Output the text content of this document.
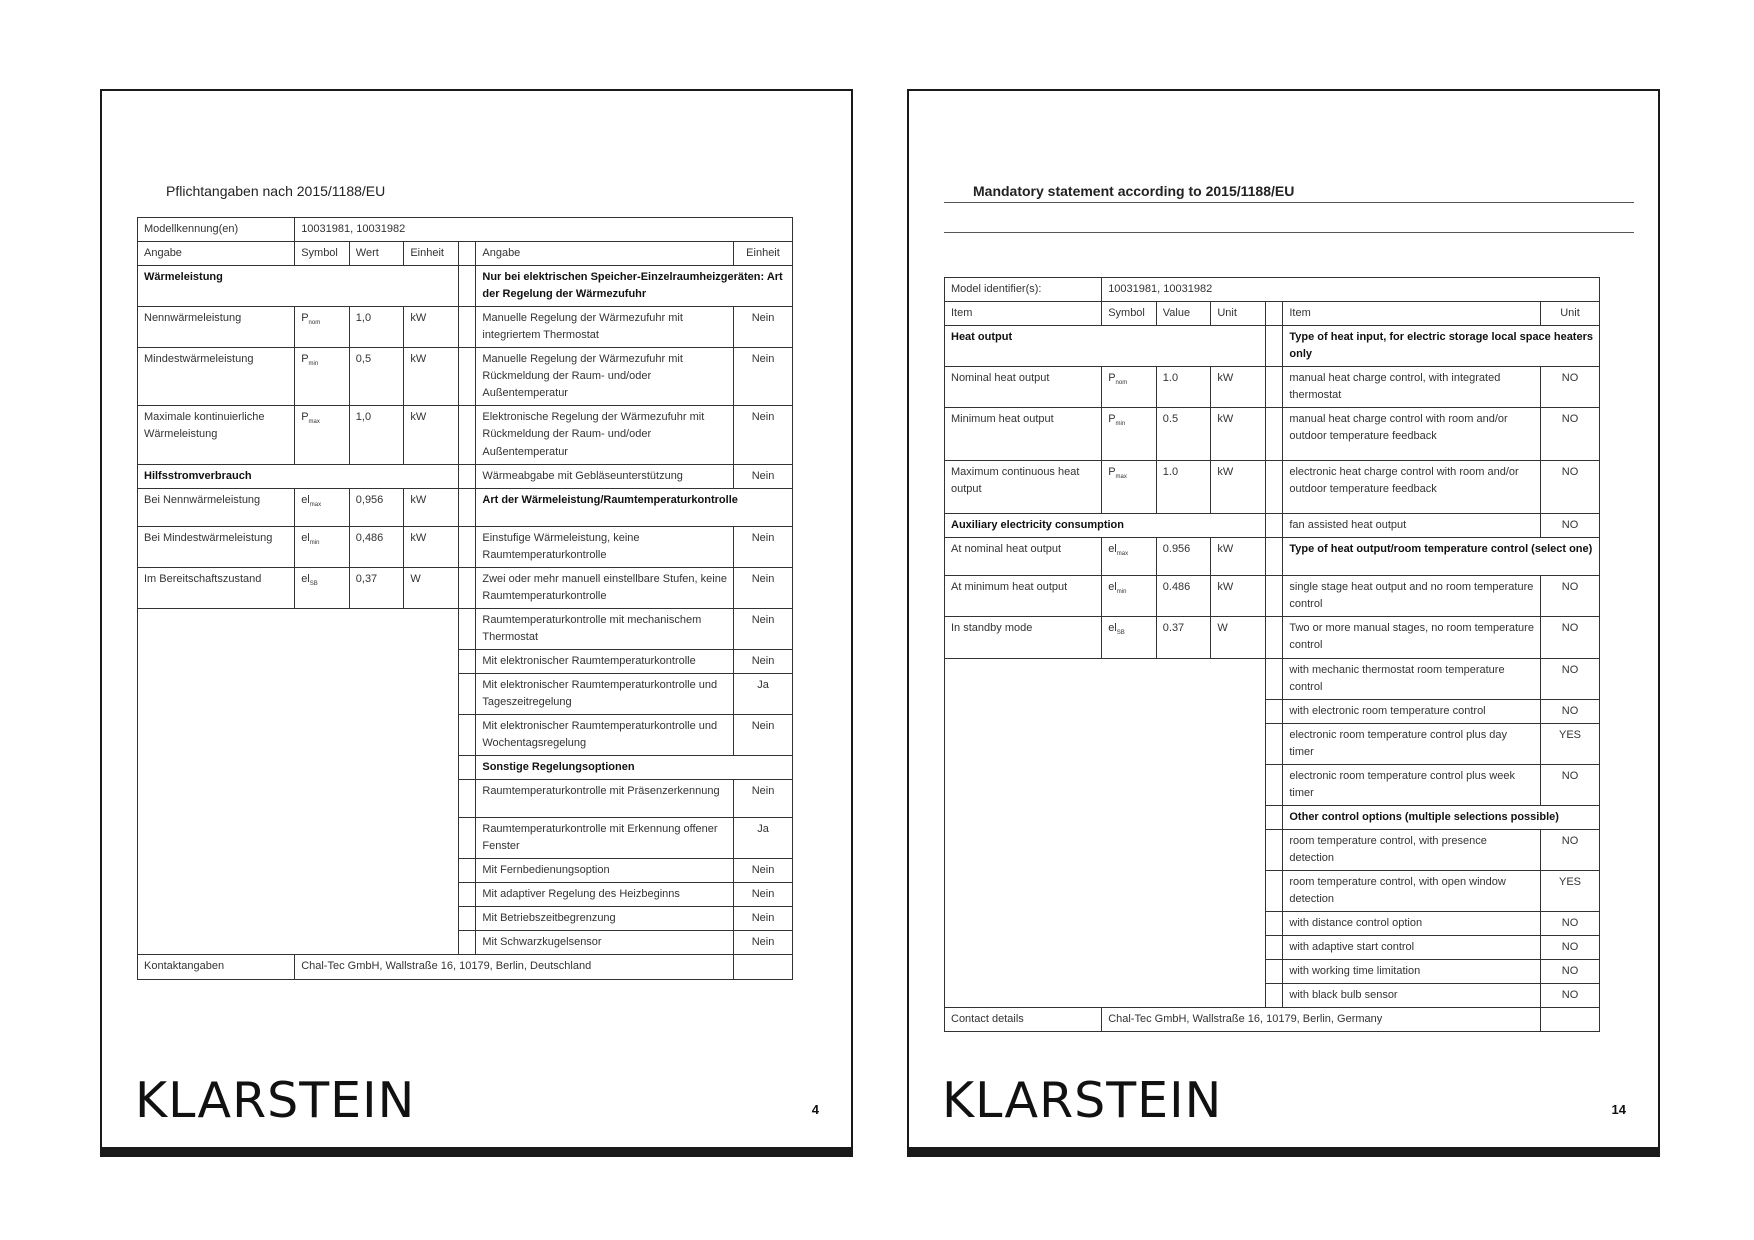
Pflichtangaben nach 2015/1188/EU
Modellkennung(en)	10031981, 10031982					
Angabe	Symbol	Wert	Einheit		Angabe	Einheit
Wärmeleistung					Nur bei elektrischen Speicher-Einzelraumheizgeräten: Art der Regelung der Wärmezufuhr	
Nennwärmeleistung	$P_{nom}$	1,0	kW		Manuelle Regelung der Wärmezufuhr mit integriertem Thermostat	Nein
Mindestwärmeleistung	$P_{min}$	0,5	kW		Manuelle Regelung der Wärmezufuhr mit Rückmeldung der Raum- und/oder Außentemperatur	Nein
Maximale kontinuierliche Wärmeleistung	$P_{max}$	1,0	kW		Elektronische Regelung der Wärmezufuhr mit Rückmeldung der Raum- und/oder Außentemperatur	Nein
Hilfsstromverbrauch					Wärmeabgabe mit Gebläseunterstützung	Nein
Bei Nennwärmeleistung	$el_{max}$	0,956	kW		Art der Wärmeleistung/Raumtemperaturkontrolle	
Bei Mindestwärmeleistung	$el_{min}$	0,486	kW		Einstufige Wärmeleistung, keine Raumtemperaturkontrolle	Nein
Im Bereitschaftszustand	$el_{SB}$	0,37	W		Zwei oder mehr manuell einstellbare Stufen, keine Raumtemperaturkontrolle	Nein
					Raumtemperaturkontrolle mit mechanischem Thermostat	Nein
					Mit elektronischer Raumtemperaturkontrolle	Nein
					Mit elektronischer Raumtemperaturkontrolle und Tageszeitregelung	Ja
					Mit elektronischer Raumtemperaturkontrolle und Wochentagsregelung	Nein
					Sonstige Regelungsoptionen	
					Raumtemperaturkontrolle mit Präsenzerkennung	Nein
					Raumtemperaturkontrolle mit Erkennung offener Fenster	Ja
					Mit Fernbedienungsoption	Nein
					Mit adaptiver Regelung des Heizbeginns	Nein
					Mit Betriebszeitbegrenzung	Nein
					Mit Schwarzkugelsensor	Nein
Kontaktangaben	Chal-Tec GmbH, Wallstraße 16, 10179, Berlin, Deutschland					
KLARSTEIN	4
Mandatory statement according to 2015/1188/EU
Model identifier(s):	10031981, 10031982					
Item	Symbol	Value	Unit		Item	Unit
Heat output					Type of heat input, for electric storage local space heaters only	
Nominal heat output	$P_{nom}$	1.0	kW		manual heat charge control, with integrated thermostat	NO
Minimum heat output	$P_{min}$	0.5	kW		manual heat charge control with room and/or outdoor temperature feedback	NO
Maximum continuous heat output	$P_{max}$	1.0	kW		electronic heat charge control with room and/or outdoor temperature feedback	NO
Auxiliary electricity consumption					fan assisted heat output	NO
At nominal heat output	$el_{max}$	0.956	kW		Type of heat output/room temperature control (select one)	
At minimum heat output	$el_{min}$	0.486	kW		single stage heat output and no room temperature control	NO
In standby mode	$el_{SB}$	0.37	W		Two or more manual stages, no room temperature control	NO
					with mechanic thermostat room temperature control	NO
					with electronic room temperature control	NO
					electronic room temperature control plus day timer	YES
					electronic room temperature control plus week timer	NO
					Other control options (multiple selections possible)	
					room temperature control, with presence detection	NO
					room temperature control, with open window detection	YES
					with distance control option	NO
					with adaptive start control	NO
					with working time limitation	NO
					with black bulb sensor	NO
Contact details	Chal-Tec GmbH, Wallstraße 16, 10179, Berlin, Germany					
KLARSTEIN	14
